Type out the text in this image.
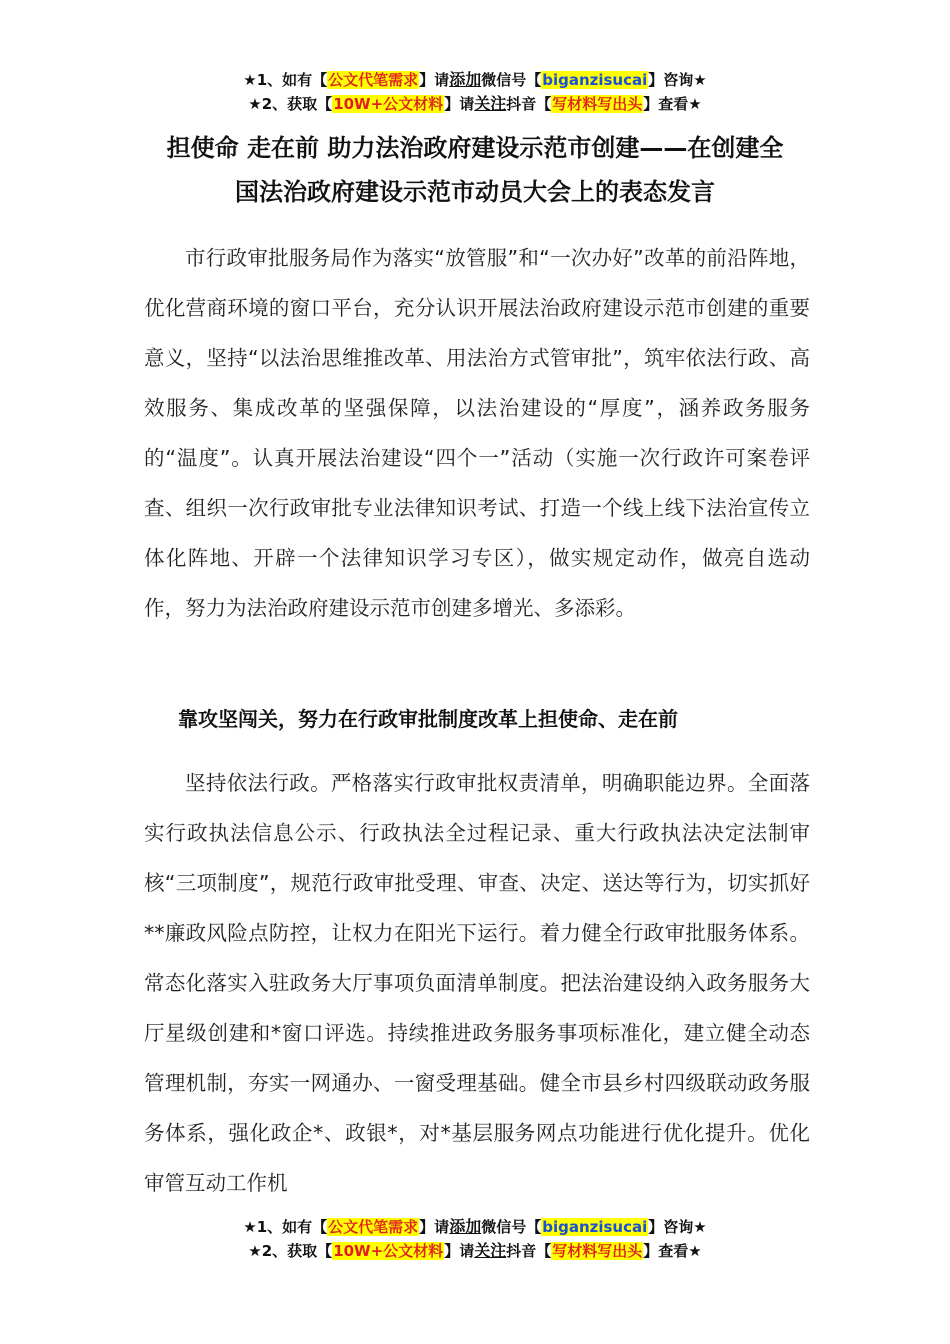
★1、如有【公文代笔需求】请添加微信号【biganzisucai】咨询★
★2、获取【10W+公文材料】请关注抖音【写材料写出头】查看★
担使命 走在前 助力法治政府建设示范市创建——在创建全
国法治政府建设示范市动员大会上的表态发言
市行政审批服务局作为落实“放管服”和“一次办好”改革的前沿阵地，优化营商环境的窗口平台，充分认识开展法治政府建设示范市创建的重要意义，坚持“以法治思维推改革、用法治方式管审批”，筑牢依法行政、高效服务、集成改革的坚强保障，以法治建设的“厚度”，涵养政务服务的“温度”。认真开展法治建设“四个一”活动（实施一次行政许可案卷评查、组织一次行政审批专业法律知识考试、打造一个线上线下法治宣传立体化阵地、开辟一个法律知识学习专区），做实规定动作，做亮自选动作，努力为法治政府建设示范市创建多增光、多添彩。
靠攻坚闯关，努力在行政审批制度改革上担使命、走在前
坚持依法行政。严格落实行政审批权责清单，明确职能边界。全面落实行政执法信息公示、行政执法全过程记录、重大行政执法决定法制审核“三项制度”，规范行政审批受理、审查、决定、送达等行为，切实抓好**廉政风险点防控，让权力在阳光下运行。着力健全行政审批服务体系。常态化落实入驻政务大厅事项负面清单制度。把法治建设纳入政务服务大厅星级创建和*窗口评选。持续推进政务服务事项标准化，建立健全动态管理机制，夯实一网通办、一窗受理基础。健全市县乡村四级联动政务服务体系，强化政企*、政银*，对*基层服务网点功能进行优化提升。优化审管互动工作机
★1、如有【公文代笔需求】请添加微信号【biganzisucai】咨询★
★2、获取【10W+公文材料】请关注抖音【写材料写出头】查看★
